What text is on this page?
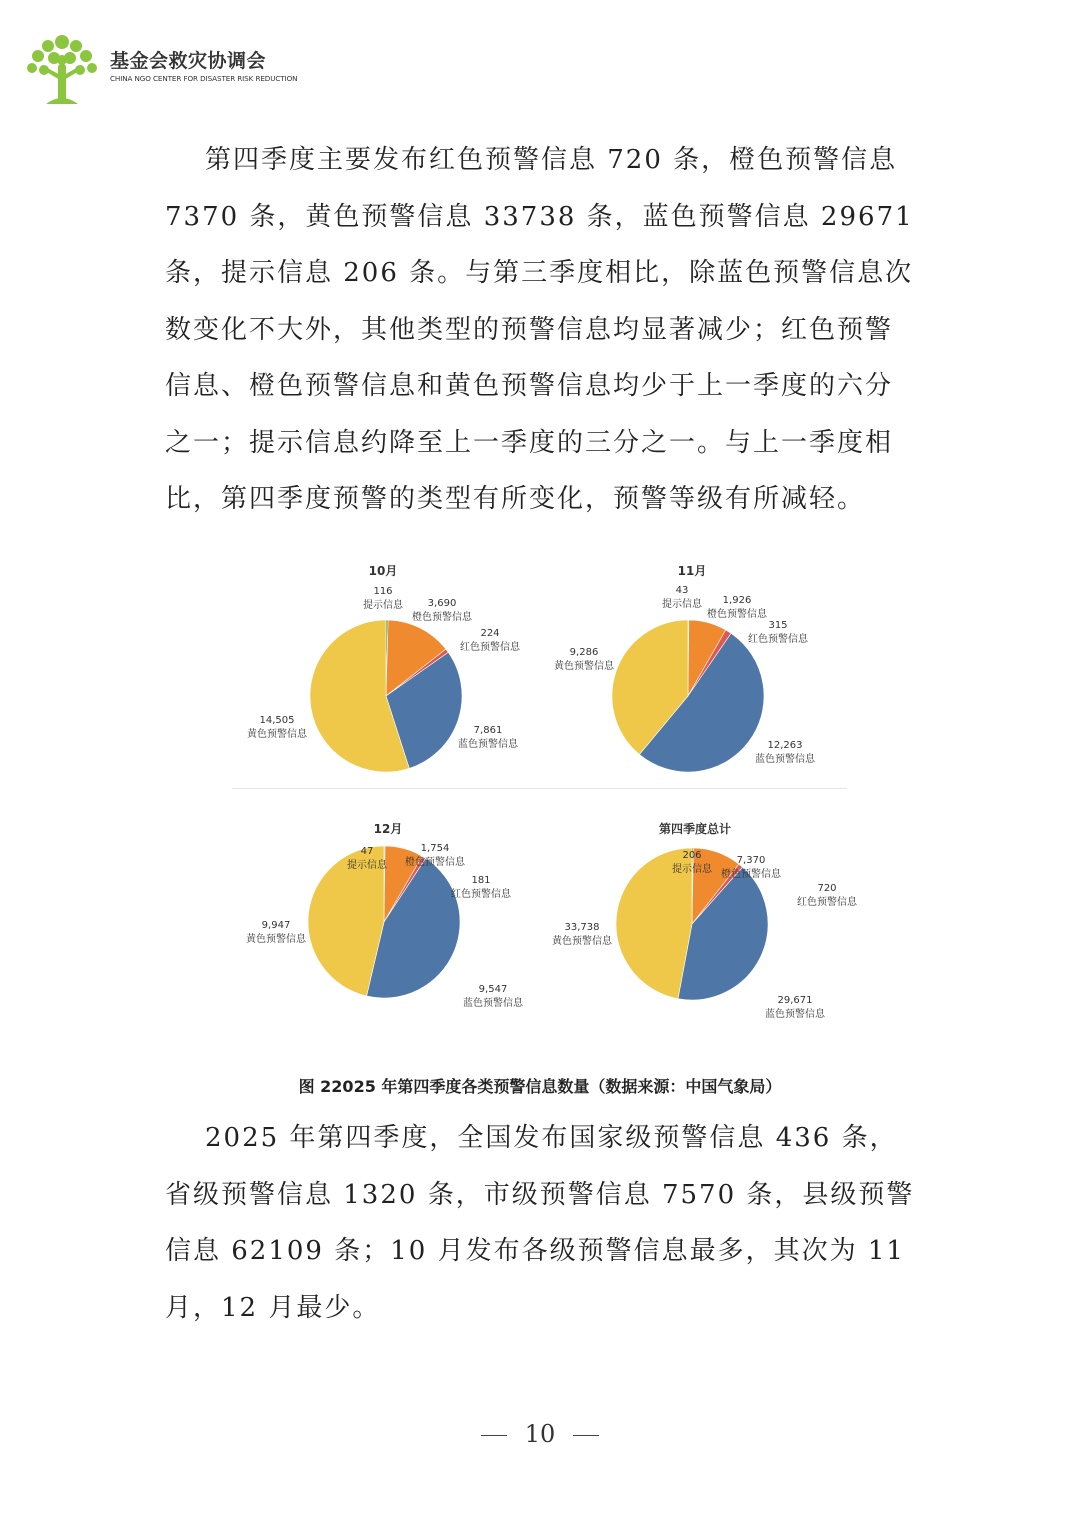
基金会救灾协调会
CHINA NGO CENTER FOR DISASTER RISK REDUCTION

第四季度主要发布红色预警信息 720 条，橙色预警信息 7370 条，黄色预警信息 33738 条，蓝色预警信息 29671 条，提示信息 206 条。与第三季度相比，除蓝色预警信息次数变化不大外，其他类型的预警信息均显著减少；红色预警信息、橙色预警信息和黄色预警信息均少于上一季度的六分之一；提示信息约降至上一季度的三分之一。与上一季度相比，第四季度预警的类型有所变化，预警等级有所减轻。

10月
116
提示信息 3,690
橙色预警信息
224
红色预警信息
7,861
蓝色预警信息
14,505
黄色预警信息
11月
43
提示信息 1,926
橙色预警信息
315
红色预警信息
12,263
蓝色预警信息
9,286
黄色预警信息
12月
47
提示信息
1,754
橙色预警信息
181
红色预警信息
9,547
蓝色预警信息
9,947
黄色预警信息
第四季度总计
206
提示信息
7,370
橙色预警信息
720
红色预警信息
29,671
蓝色预警信息
33,738
黄色预警信息
图 22025 年第四季度各类预警信息数量（数据来源：中国气象局）

2025 年第四季度，全国发布国家级预警信息 436 条，省级预警信息 1320 条，市级预警信息 7570 条，县级预警信息 62109 条；10 月发布各级预警信息最多，其次为 11 月，12 月最少。

10
